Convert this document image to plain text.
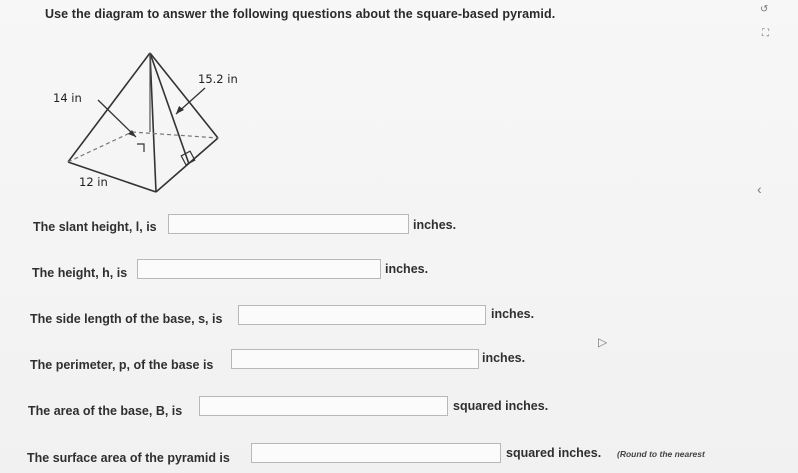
Use the diagram to answer the following questions about the square-based pyramid.	↺
⛶
‹
15.2 in
14 in
12 in
The slant height, l, is	inches.
The height, h, is	inches.
The side length of the base, s, is	inches.
The perimeter, p, of the base is	inches.
The area of the base, B, is	squared inches.
The surface area of the pyramid is	squared inches. (Round to the nearest
▷
